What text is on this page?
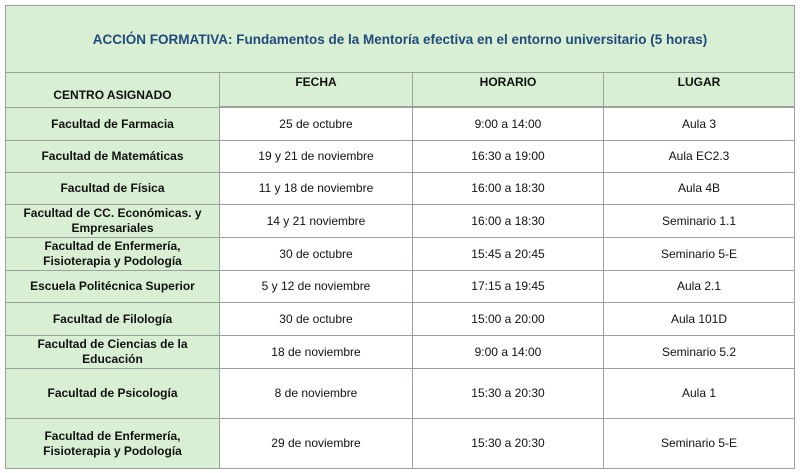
ACCIÓN FORMATIVA: Fundamentos de la Mentoría efectiva en el entorno universitario (5 horas)			
CENTRO ASIGNADO	FECHA	HORARIO	LUGAR

Facultad de Farmacia	25 de octubre	9:00 a 14:00	Aula 3
Facultad de Matemáticas	19 y 21 de noviembre	16:30 a 19:00	Aula EC2.3
Facultad de Física	11 y 18 de noviembre	16:00 a 18:30	Aula 4B
Facultad de CC. Económicas. y Empresariales	14 y 21 noviembre	16:00 a 18:30	Seminario 1.1
Facultad de Enfermería, Fisioterapia y Podología	30 de octubre	15:45 a 20:45	Seminario 5-E
Escuela Politécnica Superior	5 y 12 de noviembre	17:15 a 19:45	Aula 2.1
Facultad de Filología	30 de octubre	15:00 a 20:00	Aula 101D
Facultad de Ciencias de la Educación	18 de noviembre	9:00 a 14:00	Seminario 5.2
Facultad de Psicología	8 de noviembre	15:30 a 20:30	Aula 1
Facultad de Enfermería, Fisioterapia y Podología	29 de noviembre	15:30 a 20:30	Seminario 5-E
